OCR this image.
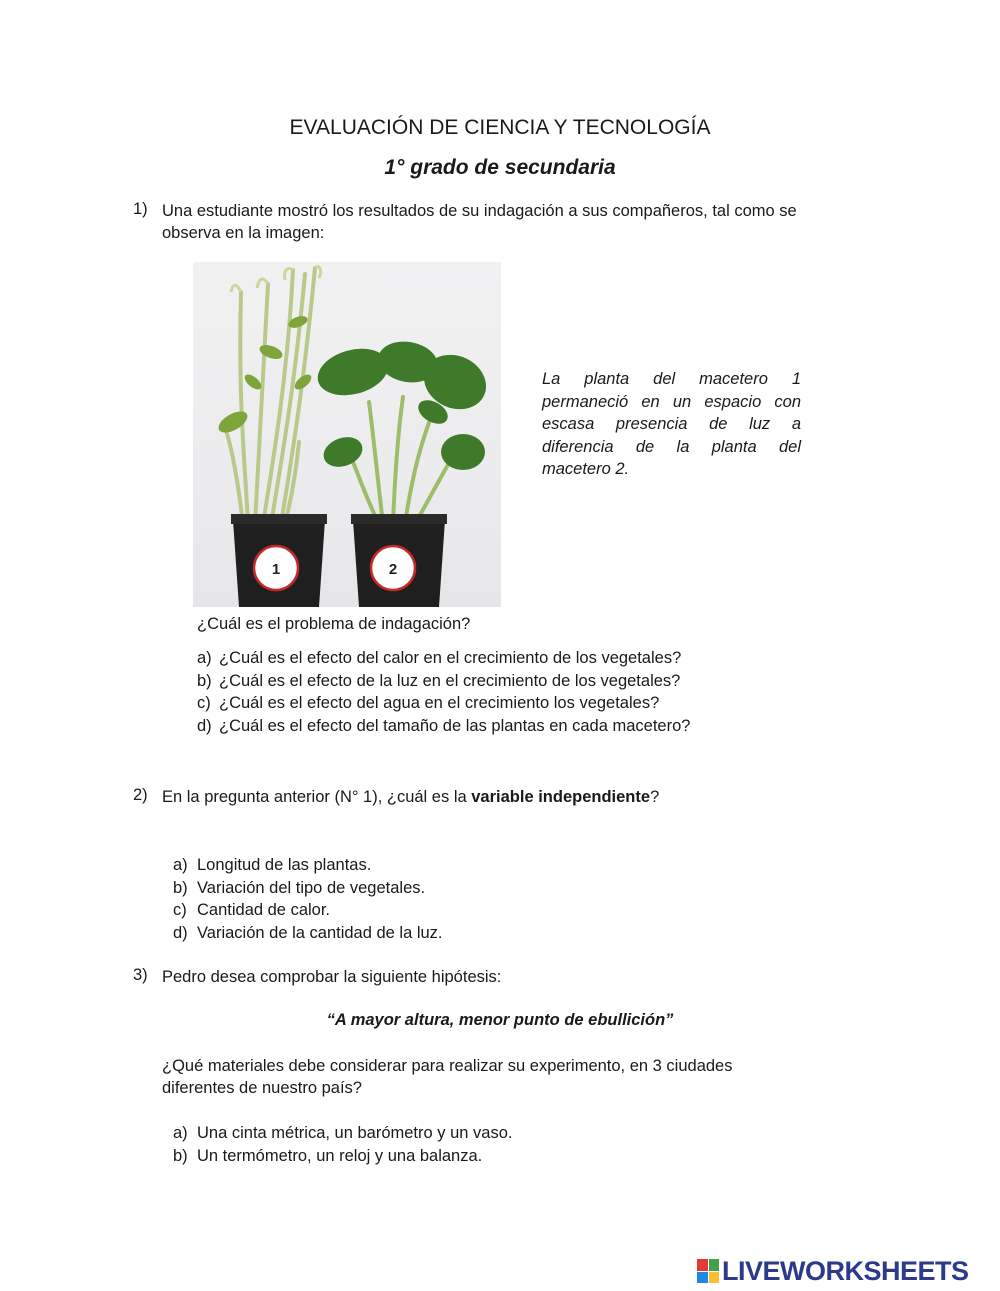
EVALUACIÓN DE CIENCIA Y TECNOLOGÍA
1° grado de secundaria
1) Una estudiante mostró los resultados de su indagación a sus compañeros, tal como se
observa en la imagen:
1	2
La planta del macetero 1 permaneció en un espacio con escasa presencia de luz a diferencia de la planta del macetero 2.
¿Cuál es el problema de indagación?
a) ¿Cuál es el efecto del calor en el crecimiento de los vegetales?
b) ¿Cuál es el efecto de la luz en el crecimiento de los vegetales?
c) ¿Cuál es el efecto del agua en el crecimiento los vegetales?
d) ¿Cuál es el efecto del tamaño de las plantas en cada macetero?
2) En la pregunta anterior (N° 1), ¿cuál es la variable independiente?
a) Longitud de las plantas.
b) Variación del tipo de vegetales.
c) Cantidad de calor.
d) Variación de la cantidad de la luz.
3) Pedro desea comprobar la siguiente hipótesis:
“A mayor altura, menor punto de ebullición”
¿Qué materiales debe considerar para realizar su experimento, en 3 ciudades
diferentes de nuestro país?
a) Una cinta métrica, un barómetro y un vaso.
b) Un termómetro, un reloj y una balanza.
LIVEWORKSHEETS
